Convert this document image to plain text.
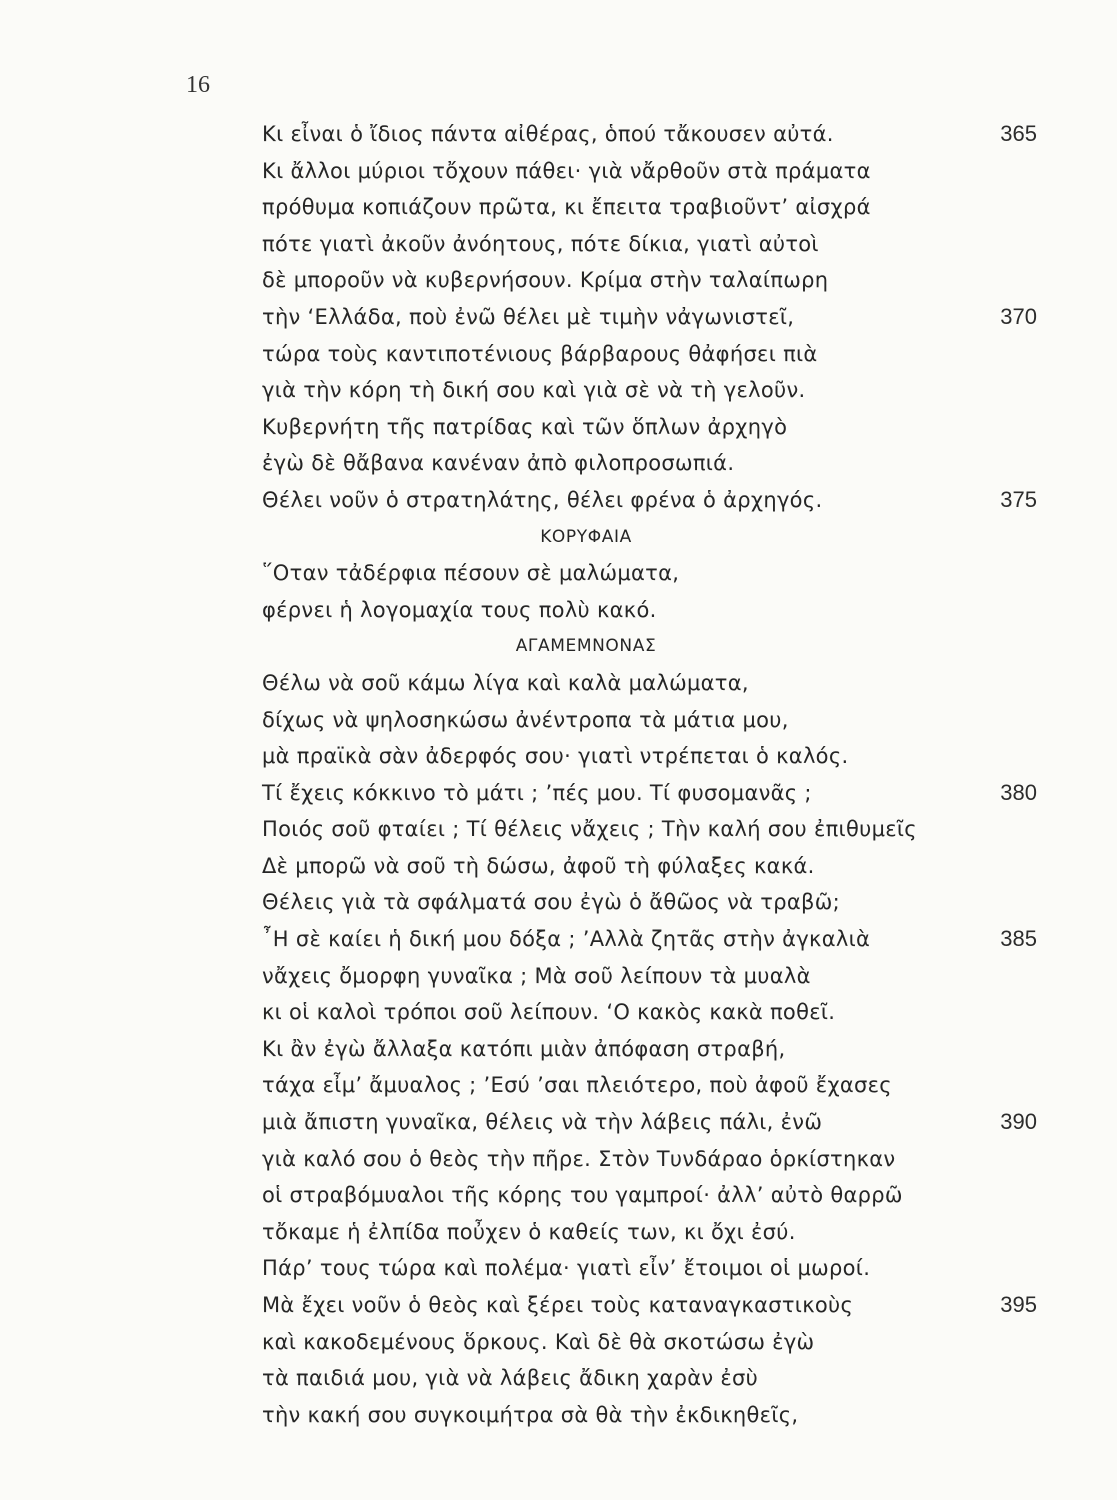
16
Κι εἶναι ὁ ἴδιος πάντα αἰθέρας, ὁπού τἄκουσεν αὐτά.	365
Κι ἄλλοι μύριοι τὄχουν πάθει· γιὰ νἄρθοῦν στὰ πράματα
πρόθυμα κοπιάζουν πρῶτα, κι ἔπειτα τραβιοῦντ’ αἰσχρά
πότε γιατὶ ἀκοῦν ἀνόητους, πότε δίκια, γιατὶ αὐτοὶ
δὲ μποροῦν νὰ κυβερνήσουν. Κρίμα στὴν ταλαίπωρη
τὴν ‘Ελλάδα, ποὺ ἐνῶ θέλει μὲ τιμὴν νἀγωνιστεῖ,	370
τώρα τοὺς καντιποτένιους βάρβαρους θἀφήσει πιὰ
γιὰ τὴν κόρη τὴ δική σου καὶ γιὰ σὲ νὰ τὴ γελοῦν.
Κυβερνήτη τῆς πατρίδας καὶ τῶν ὅπλων ἀρχηγὸ
ἐγὼ δὲ θἄβανα κανέναν ἀπὸ φιλοπροσωπιά.
Θέλει νοῦν ὁ στρατηλάτης, θέλει φρένα ὁ ἀρχηγός.	375
ΚΟΡΥΦΑΙΑ
῞Οταν τἀδέρφια πέσουν σὲ μαλώματα,
φέρνει ἡ λογομαχία τους πολὺ κακό.
ΑΓΑΜΕΜΝΟΝΑΣ
Θέλω νὰ σοῦ κάμω λίγα καὶ καλὰ μαλώματα,
δίχως νὰ ψηλοσηκώσω ἀνέντροπα τὰ μάτια μου,
μὰ πραϊκὰ σὰν ἀδερφός σου· γιατὶ ντρέπεται ὁ καλός.
Τί ἔχεις κόκκινο τὸ μάτι ; ’πές μου. Τί φυσομανᾶς ;	380
Ποιός σοῦ φταίει ; Τί θέλεις νἄχεις ; Τὴν καλή σου ἐπιθυμεῖς
Δὲ μπορῶ νὰ σοῦ τὴ δώσω, ἀφοῦ τὴ φύλαξες κακά.
Θέλεις γιὰ τὰ σφάλματά σου ἐγὼ ὁ ἄθῶος νὰ τραβῶ;
῏Η σὲ καίει ἡ δική μου δόξα ; ’Αλλὰ ζητᾶς στὴν ἀγκαλιὰ	385
νἄχεις ὄμορφη γυναῖκα ; Μὰ σοῦ λείπουν τὰ μυαλὰ
κι οἱ καλοὶ τρόποι σοῦ λείπουν. ‘Ο κακὸς κακὰ ποθεῖ.
Κι ἂν ἐγὼ ἄλλαξα κατόπι μιὰν ἀπόφαση στραβή,
τάχα εἶμ’ ἄμυαλος ; ’Εσύ ’σαι πλειότερο, ποὺ ἀφοῦ ἔχασες
μιὰ ἄπιστη γυναῖκα, θέλεις νὰ τὴν λάβεις πάλι, ἐνῶ	390
γιὰ καλό σου ὁ θεὸς τὴν πῆρε. Στὸν Τυνδάραο ὁρκίστηκαν
οἱ στραβόμυαλοι τῆς κόρης του γαμπροί· ἀλλ’ αὐτὸ θαρρῶ
τὄκαμε ἡ ἐλπίδα ποὖχεν ὁ καθείς των, κι ὄχι ἐσύ.
Πάρ’ τους τώρα καὶ πολέμα· γιατὶ εἶν’ ἔτοιμοι οἱ μωροί.
Μὰ ἔχει νοῦν ὁ θεὸς καὶ ξέρει τοὺς καταναγκαστικοὺς	395
καὶ κακοδεμένους ὅρκους. Καὶ δὲ θὰ σκοτώσω ἐγὼ
τὰ παιδιά μου, γιὰ νὰ λάβεις ἄδικη χαρὰν ἐσὺ
τὴν κακή σου συγκοιμήτρα σὰ θὰ τὴν ἐκδικηθεῖς,
